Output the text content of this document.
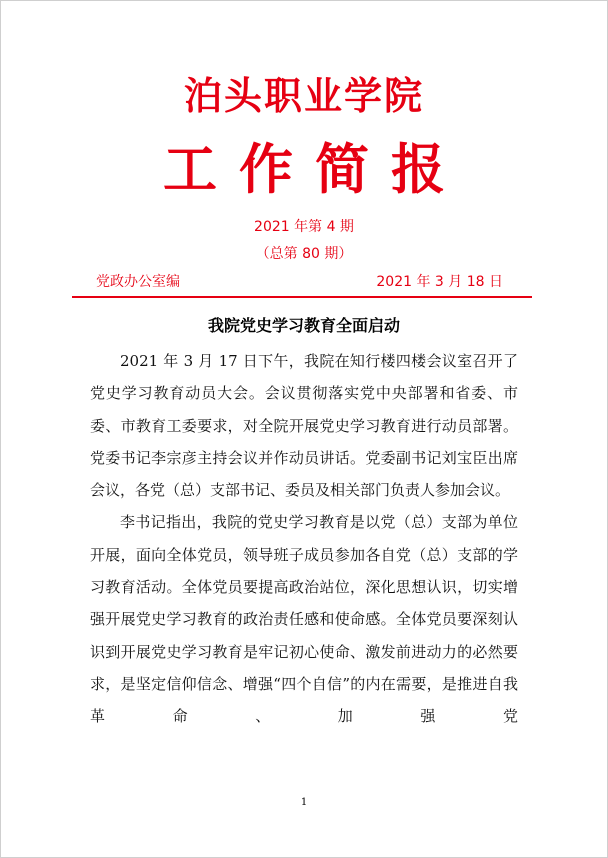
泊头职业学院
工作简报
2021 年第 4 期
（总第 80 期）
党政办公室编	2021 年 3 月 18 日
我院党史学习教育全面启动

2021 年 3 月 17 日下午，我院在知行楼四楼会议室召开了党史学习教育动员大会。会议贯彻落实党中央部署和省委、市委、市教育工委要求，对全院开展党史学习教育进行动员部署。党委书记李宗彦主持会议并作动员讲话。党委副书记刘宝臣出席会议，各党（总）支部书记、委员及相关部门负责人参加会议。

李书记指出，我院的党史学习教育是以党（总）支部为单位开展，面向全体党员，领导班子成员参加各自党（总）支部的学习教育活动。全体党员要提高政治站位，深化思想认识，切实增强开展党史学习教育的政治责任感和使命感。全体党员要深刻认识到开展党史学习教育是牢记初心使命、激发前进动力的必然要求，是坚定信仰信念、增强“四个自信”的内在需要，是推进自我革命、加强党

1
